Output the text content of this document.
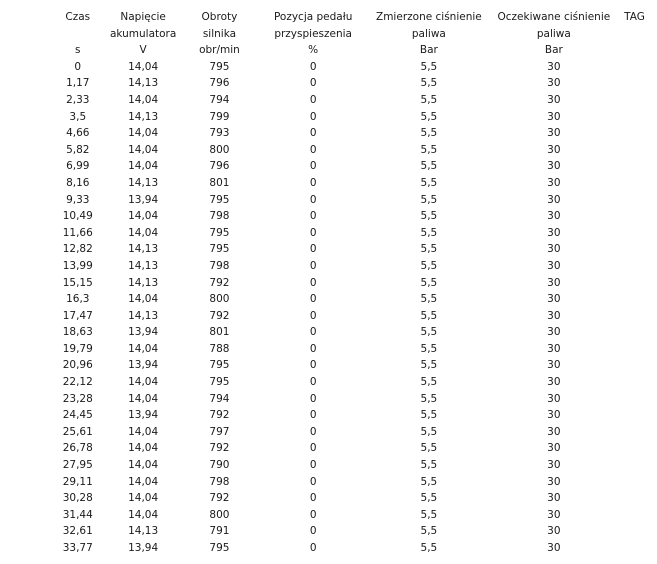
Czas	Napięcie	Obroty	Pozycja pedału	Zmierzone ciśnienie	Oczekiwane ciśnienie	TAG
	akumulatora	silnika	przyspieszenia	paliwa	paliwa	
s	V	obr/min	%	Bar	Bar	
0	14,04	795	0	5,5	30	
1,17	14,13	796	0	5,5	30	
2,33	14,04	794	0	5,5	30	
3,5	14,13	799	0	5,5	30	
4,66	14,04	793	0	5,5	30	
5,82	14,04	800	0	5,5	30	
6,99	14,04	796	0	5,5	30	
8,16	14,13	801	0	5,5	30	
9,33	13,94	795	0	5,5	30	
10,49	14,04	798	0	5,5	30	
11,66	14,04	795	0	5,5	30	
12,82	14,13	795	0	5,5	30	
13,99	14,13	798	0	5,5	30	
15,15	14,13	792	0	5,5	30	
16,3	14,04	800	0	5,5	30	
17,47	14,13	792	0	5,5	30	
18,63	13,94	801	0	5,5	30	
19,79	14,04	788	0	5,5	30	
20,96	13,94	795	0	5,5	30	
22,12	14,04	795	0	5,5	30	
23,28	14,04	794	0	5,5	30	
24,45	13,94	792	0	5,5	30	
25,61	14,04	797	0	5,5	30	
26,78	14,04	792	0	5,5	30	
27,95	14,04	790	0	5,5	30	
29,11	14,04	798	0	5,5	30	
30,28	14,04	792	0	5,5	30	
31,44	14,04	800	0	5,5	30	
32,61	14,13	791	0	5,5	30	
33,77	13,94	795	0	5,5	30	
